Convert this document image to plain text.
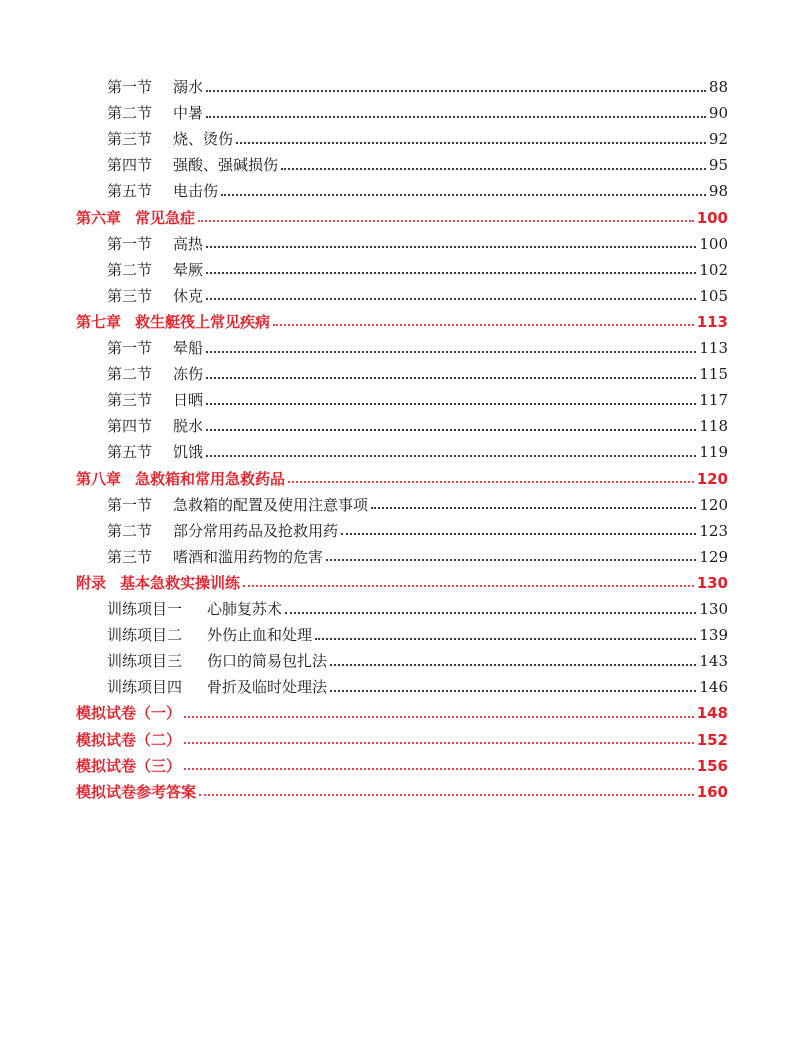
第一节 溺水	88
第二节 中暑	90
第三节 烧、烫伤	92
第四节 强酸、强碱损伤	95
第五节 电击伤	98
第六章 常见急症	100
第一节 高热	100
第二节 晕厥	102
第三节 休克	105
第七章 救生艇筏上常见疾病	113
第一节 晕船	113
第二节 冻伤	115
第三节 日晒	117
第四节 脱水	118
第五节 饥饿	119
第八章 急救箱和常用急救药品	120
第一节 急救箱的配置及使用注意事项	120
第二节 部分常用药品及抢救用药	123
第三节 嗜酒和滥用药物的危害	129
附录 基本急救实操训练	130
训练项目一 心肺复苏术	130
训练项目二 外伤止血和处理	139
训练项目三 伤口的简易包扎法	143
训练项目四 骨折及临时处理法	146
模拟试卷（一）	148
模拟试卷（二）	152
模拟试卷（三）	156
模拟试卷参考答案	160
